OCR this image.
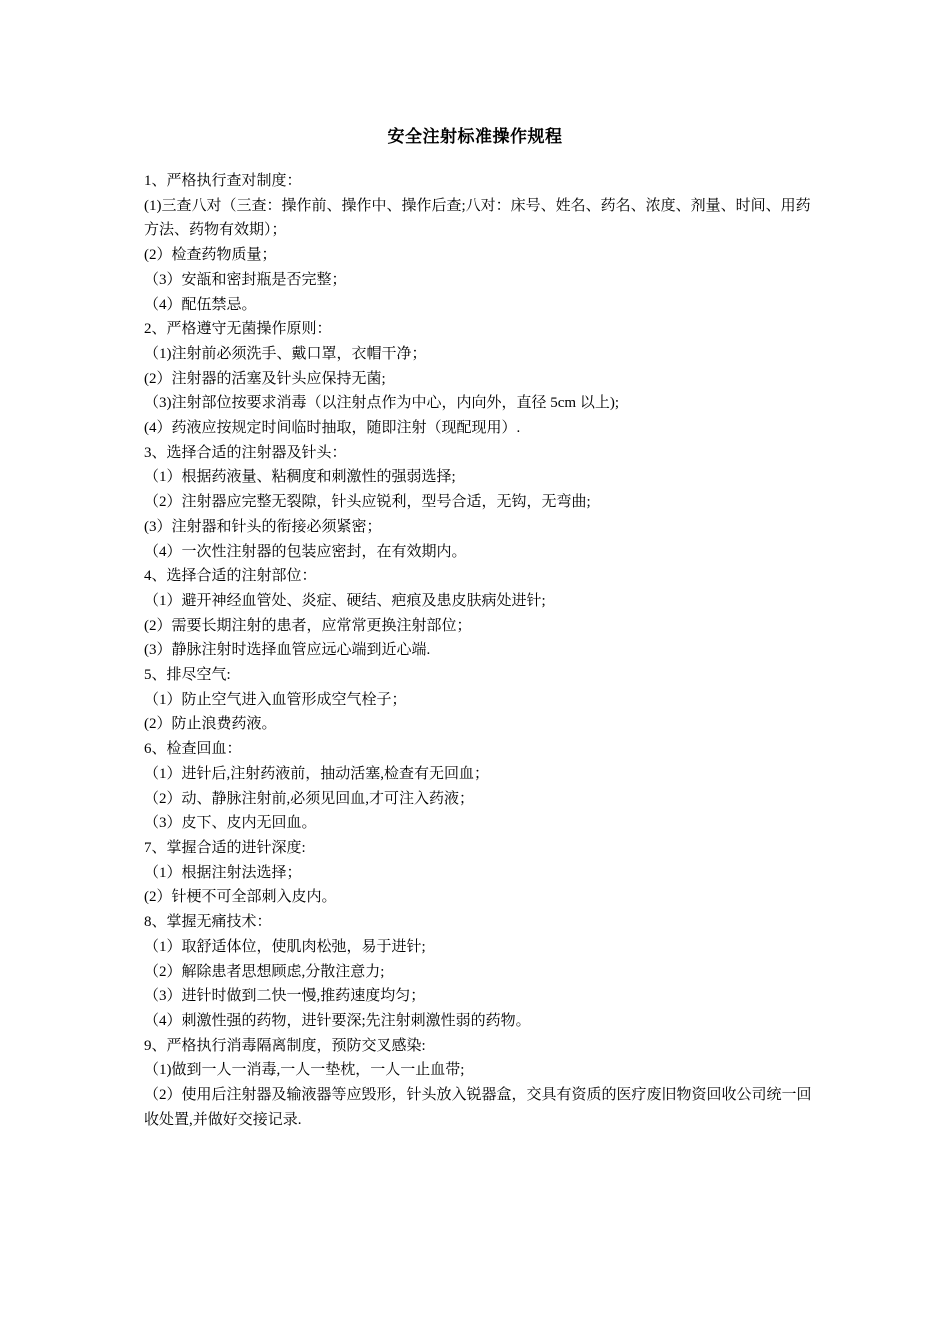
安全注射标准操作规程
1、严格执行查对制度：
(1)三查八对（三查：操作前、操作中、操作后查;八对：床号、姓名、药名、浓度、剂量、时间、用药方法、药物有效期）；
(2）检查药物质量；
（3）安瓿和密封瓶是否完整；
（4）配伍禁忌。
2、严格遵守无菌操作原则：
（1)注射前必须洗手、戴口罩，衣帽干净；
(2）注射器的活塞及针头应保持无菌;
（3)注射部位按要求消毒（以注射点作为中心，内向外，直径 5cm 以上);
(4）药液应按规定时间临时抽取，随即注射（现配现用）.
3、选择合适的注射器及针头：
（1）根据药液量、粘稠度和刺激性的强弱选择;
（2）注射器应完整无裂隙，针头应锐利，型号合适，无钩，无弯曲;
(3）注射器和针头的衔接必须紧密；
（4）一次性注射器的包装应密封，在有效期内。
4、选择合适的注射部位：
（1）避开神经血管处、炎症、硬结、疤痕及患皮肤病处进针;
(2）需要长期注射的患者，应常常更换注射部位；
(3）静脉注射时选择血管应远心端到近心端.
5、排尽空气:
（1）防止空气进入血管形成空气栓子；
(2）防止浪费药液。
6、检查回血：
（1）进针后,注射药液前，抽动活塞,检查有无回血；
（2）动、静脉注射前,必须见回血,才可注入药液；
（3）皮下、皮内无回血。
7、掌握合适的进针深度:
（1）根据注射法选择；
(2）针梗不可全部刺入皮内。
8、掌握无痛技术：
（1）取舒适体位，使肌肉松弛，易于进针;
（2）解除患者思想顾虑,分散注意力;
（3）进针时做到二快一慢,推药速度均匀；
（4）刺激性强的药物，进针要深;先注射刺激性弱的药物。
9、严格执行消毒隔离制度，预防交叉感染:
（1)做到一人一消毒,一人一垫枕，一人一止血带;
（2）使用后注射器及输液器等应毁形，针头放入锐器盒，交具有资质的医疗废旧物资回收公司统一回收处置,并做好交接记录.
